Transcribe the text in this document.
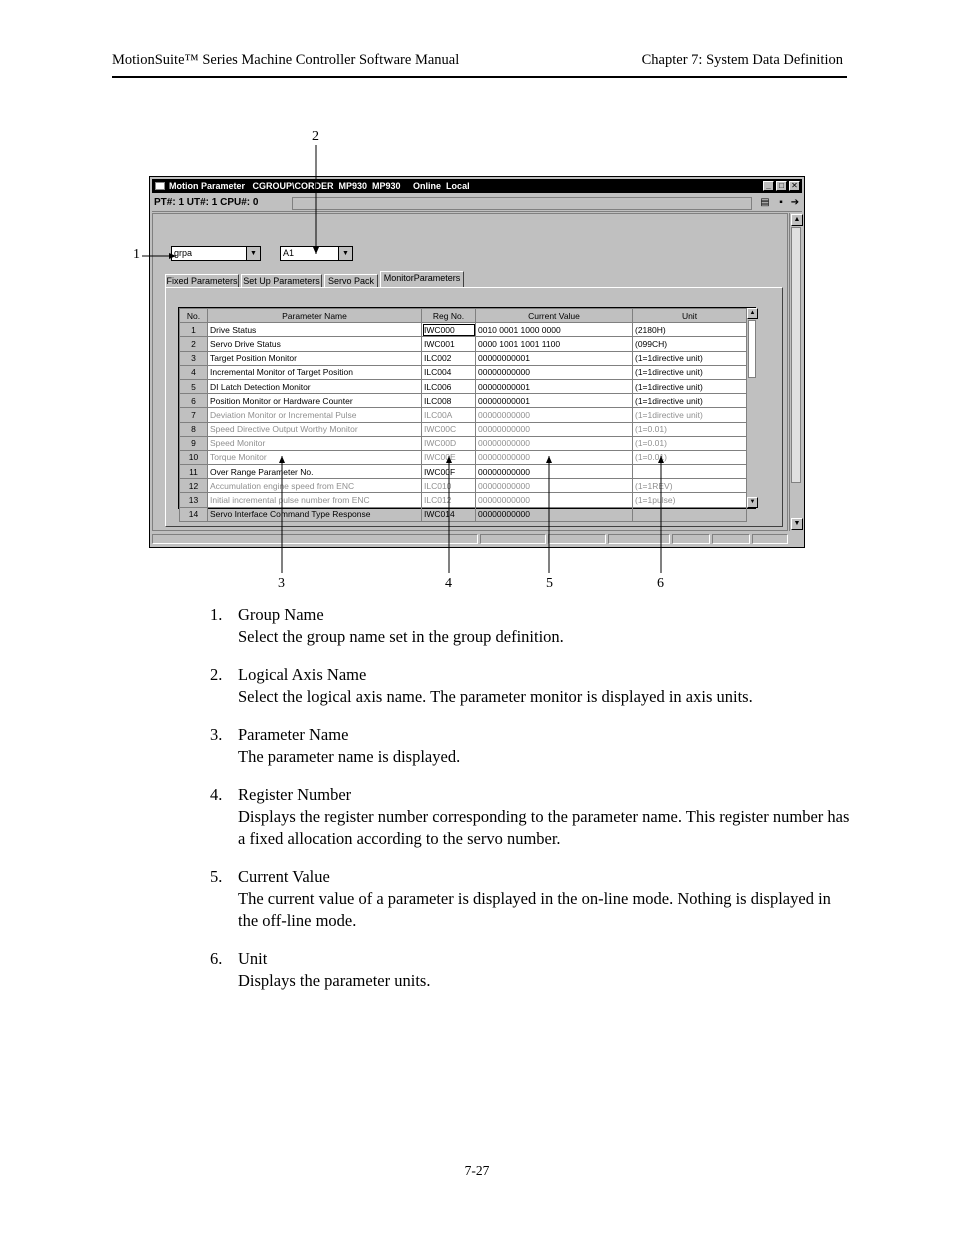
MotionSuite™ Series Machine Controller Software Manual	Chapter 7: System Data Definition
1
2
3	4	5	6

Motion Parameter   CGROUP\CORDER  MP930  MP930     Online  Local

	_

	□

✕

PT#: 1 UT#: 1 CPU#: 0	▤ ▪ ➔
grpa	▼	A1	▼
Fixed Parameters Set Up Parameters Servo Pack	MonitorParameters
No.	Parameter Name	Reg No.	Current Value	Unit
1	Drive Status	IWC000	0010 0001 1000 0000	(2180H)
2	Servo Drive Status	IWC001	0000 1001 1001 1100	(099CH)
3	Target Position Monitor	ILC002	00000000001	(1=1directive unit)
4	Incremental Monitor of Target Position	ILC004	00000000000	(1=1directive unit)
5	DI Latch Detection Monitor	ILC006	00000000001	(1=1directive unit)
6	Position Monitor or Hardware Counter	ILC008	00000000001	(1=1directive unit)
7	Deviation Monitor or Incremental Pulse	ILC00A	00000000000	(1=1directive unit)
8	Speed Directive Output Worthy Monitor	IWC00C	00000000000	(1=0.01)
9	Speed Monitor	IWC00D	00000000000	(1=0.01)
10	Torque Monitor	IWC00E	00000000000	(1=0.01)
11	Over Range Parameter No.	IWC00F	00000000000	
12	Accumulation engine speed from ENC	ILC010	00000000000	(1=1REV)
13	Initial incremental pulse number from ENC	ILC012	00000000000	(1=1pulse)
14	Servo Interface Command Type Response	IWC014	00000000000	
▲
▼
▲
▼
1. Group Name
Select the group name set in the group definition.
2. Logical Axis Name
Select the logical axis name. The parameter monitor is displayed in axis units.
3. Parameter Name
The parameter name is displayed.
4. Register Number
Displays the register number corresponding to the parameter name. This register number has a fixed allocation according to the servo number.
5. Current Value
The current value of a parameter is displayed in the on-line mode. Nothing is displayed in the off-line mode.
6. Unit
Displays the parameter units.
7-27
